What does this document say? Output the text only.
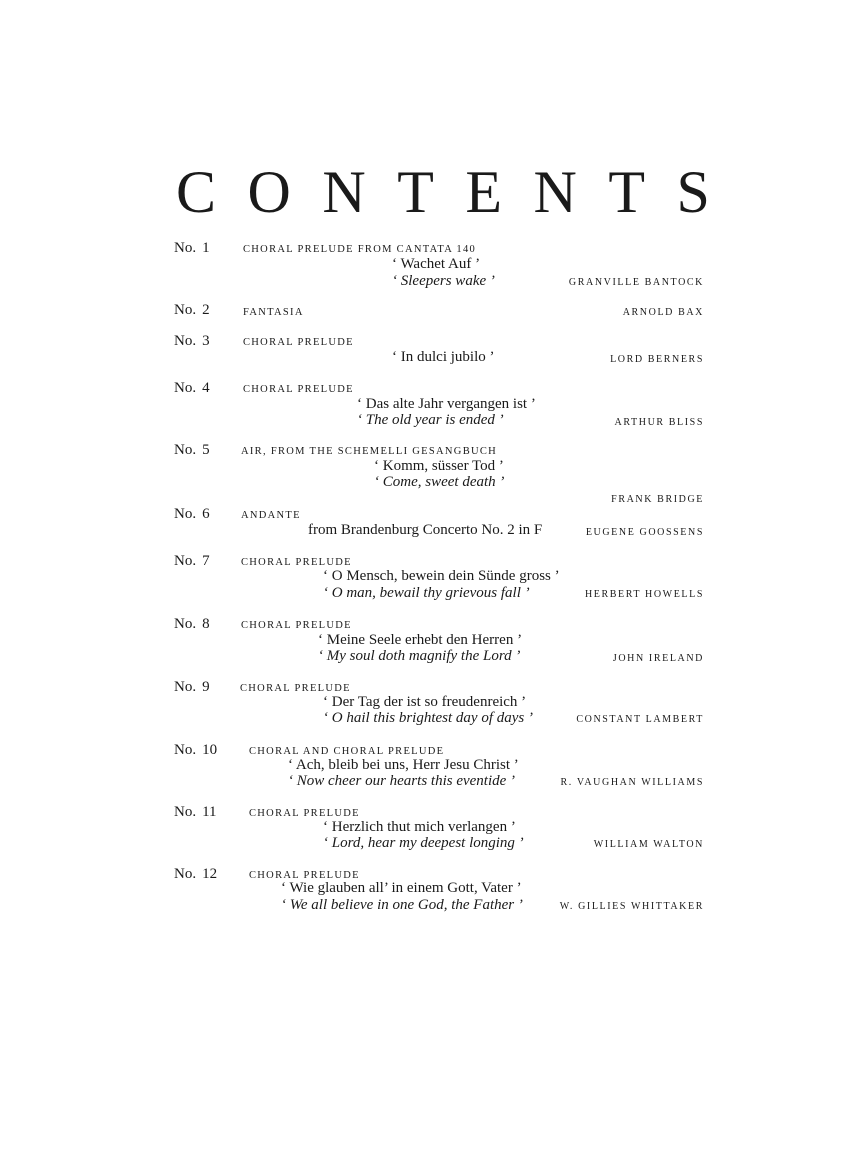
C O N T E N T S
No. 1	CHORAL PRELUDE FROM CANTATA 140
‘ Wachet Auf ’
‘ Sleepers wake ’	GRANVILLE BANTOCK
No. 2	FANTASIA	ARNOLD BAX
No. 3	CHORAL PRELUDE
‘ In dulci jubilo ’	LORD BERNERS
No. 4	CHORAL PRELUDE
‘ Das alte Jahr vergangen ist ’
‘ The old year is ended ’	ARTHUR BLISS
No. 5	AIR, FROM THE SCHEMELLI GESANGBUCH
‘ Komm, süsser Tod ’
‘ Come, sweet death ’
FRANK BRIDGE
No. 6	ANDANTE
from Brandenburg Concerto No. 2 in F	EUGENE GOOSSENS
No. 7	CHORAL PRELUDE
‘ O Mensch, bewein dein Sünde gross ’
‘ O man, bewail thy grievous fall ’	HERBERT HOWELLS
No. 8	CHORAL PRELUDE
‘ Meine Seele erhebt den Herren ’
‘ My soul doth magnify the Lord ’	JOHN IRELAND
No. 9	CHORAL PRELUDE
‘ Der Tag der ist so freudenreich ’
‘ O hail this brightest day of days ’	CONSTANT LAMBERT
No. 10	CHORAL AND CHORAL PRELUDE
‘ Ach, bleib bei uns, Herr Jesu Christ ’
‘ Now cheer our hearts this eventide ’	R. VAUGHAN WILLIAMS
No. 11	CHORAL PRELUDE
‘ Herzlich thut mich verlangen ’
‘ Lord, hear my deepest longing ’	WILLIAM WALTON
No. 12	CHORAL PRELUDE
‘ Wie glauben all’ in einem Gott, Vater ’
‘ We all believe in one God, the Father ’	W. GILLIES WHITTAKER
